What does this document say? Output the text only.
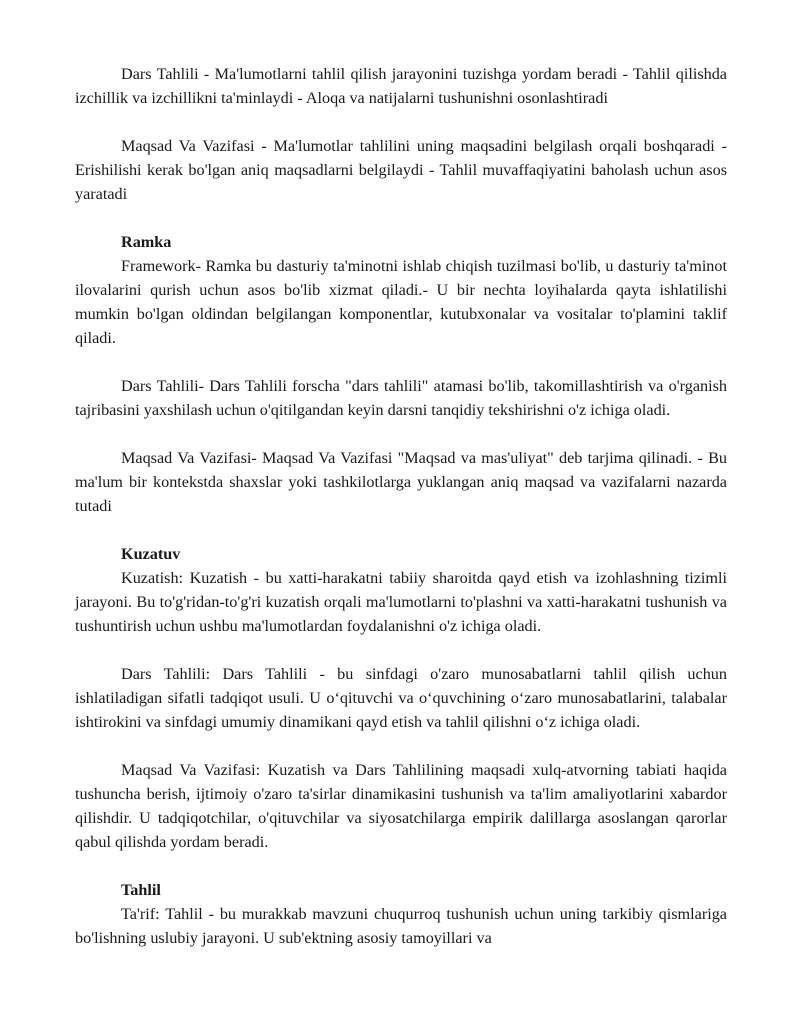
Dars Tahlili - Ma'lumotlarni tahlil qilish jarayonini tuzishga yordam beradi - Tahlil qilishda izchillik va izchillikni ta'minlaydi - Aloqa va natijalarni tushunishni osonlashtiradi

Maqsad Va Vazifasi - Ma'lumotlar tahlilini uning maqsadini belgilash orqali boshqaradi - Erishilishi kerak bo'lgan aniq maqsadlarni belgilaydi - Tahlil muvaffaqiyatini baholash uchun asos yaratadi

Ramka

Framework- Ramka bu dasturiy ta'minotni ishlab chiqish tuzilmasi bo'lib, u dasturiy ta'minot ilovalarini qurish uchun asos bo'lib xizmat qiladi.- U bir nechta loyihalarda qayta ishlatilishi mumkin bo'lgan oldindan belgilangan komponentlar, kutubxonalar va vositalar to'plamini taklif qiladi.

Dars Tahlili- Dars Tahlili forscha "dars tahlili" atamasi bo'lib, takomillashtirish va o'rganish tajribasini yaxshilash uchun o'qitilgandan keyin darsni tanqidiy tekshirishni o'z ichiga oladi.

Maqsad Va Vazifasi- Maqsad Va Vazifasi "Maqsad va mas'uliyat" deb tarjima qilinadi. - Bu ma'lum bir kontekstda shaxslar yoki tashkilotlarga yuklangan aniq maqsad va vazifalarni nazarda tutadi

Kuzatuv

Kuzatish: Kuzatish - bu xatti-harakatni tabiiy sharoitda qayd etish va izohlashning tizimli jarayoni. Bu to'g'ridan-to'g'ri kuzatish orqali ma'lumotlarni to'plashni va xatti-harakatni tushunish va tushuntirish uchun ushbu ma'lumotlardan foydalanishni o'z ichiga oladi.

Dars Tahlili: Dars Tahlili - bu sinfdagi o'zaro munosabatlarni tahlil qilish uchun ishlatiladigan sifatli tadqiqot usuli. U o‘qituvchi va o‘quvchining o‘zaro munosabatlarini, talabalar ishtirokini va sinfdagi umumiy dinamikani qayd etish va tahlil qilishni o‘z ichiga oladi.

Maqsad Va Vazifasi: Kuzatish va Dars Tahlilining maqsadi xulq-atvorning tabiati haqida tushuncha berish, ijtimoiy o'zaro ta'sirlar dinamikasini tushunish va ta'lim amaliyotlarini xabardor qilishdir. U tadqiqotchilar, o'qituvchilar va siyosatchilarga empirik dalillarga asoslangan qarorlar qabul qilishda yordam beradi.

Tahlil

Ta'rif: Tahlil - bu murakkab mavzuni chuqurroq tushunish uchun uning tarkibiy qismlariga bo'lishning uslubiy jarayoni. U sub'ektning asosiy tamoyillari va
